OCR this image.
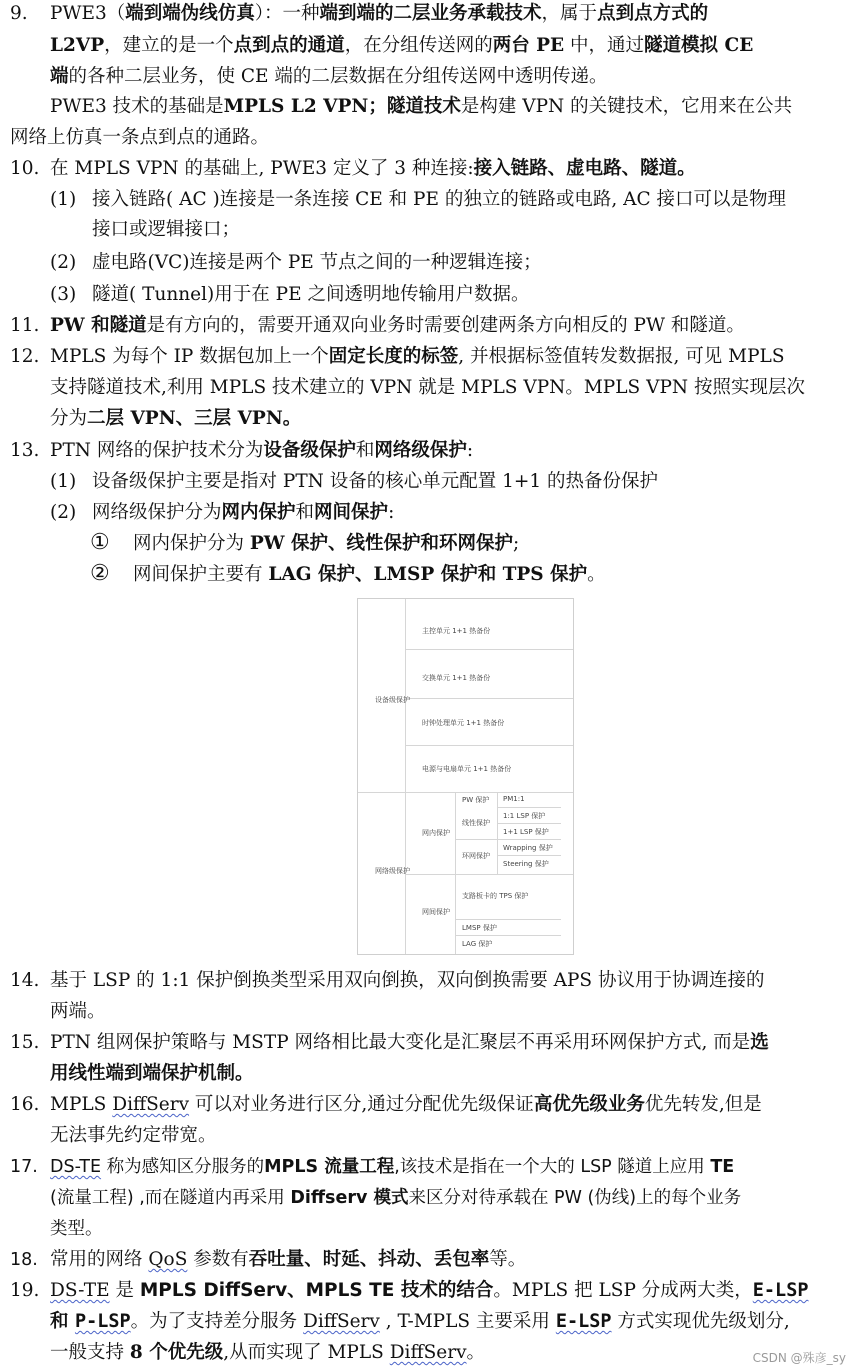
9. PWE3（端到端伪线仿真）：一种端到端的二层业务承载技术，属于点到点方式的
L2VP，建立的是一个点到点的通道，在分组传送网的两台 PE 中，通过隧道模拟 CE
端的各种二层业务，使 CE 端的二层数据在分组传送网中透明传递。
PWE3 技术的基础是MPLS L2 VPN；隧道技术是构建 VPN 的关键技术，它用来在公共
网络上仿真一条点到点的通路。
10. 在 MPLS VPN 的基础上, PWE3 定义了 3 种连接:接入链路、虚电路、隧道。
(1) 接入链路( AC )连接是一条连接 CE 和 PE 的独立的链路或电路, AC 接口可以是物理
接口或逻辑接口；
(2) 虚电路(VC)连接是两个 PE 节点之间的一种逻辑连接；
(3) 隧道( Tunnel)用于在 PE 之间透明地传输用户数据。
11. PW 和隧道是有方向的，需要开通双向业务时需要创建两条方向相反的 PW 和隧道。
12. MPLS 为每个 IP 数据包加上一个固定长度的标签, 并根据标签值转发数据报, 可见 MPLS
支持隧道技术,利用 MPLS 技术建立的 VPN 就是 MPLS VPN。MPLS VPN 按照实现层次
分为二层 VPN、三层 VPN。
13. PTN 网络的保护技术分为设备级保护和网络级保护:
(1) 设备级保护主要是指对 PTN 设备的核心单元配置 1+1 的热备份保护
(2) 网络级保护分为网内保护和网间保护:
① 网内保护分为 PW 保护、线性保护和环网保护;
② 网间保护主要有 LAG 保护、LMSP 保护和 TPS 保护。
设备级保护
主控单元 1+1 热备份
交换单元 1+1 热备份
时钟处理单元 1+1 热备份
电源与电扇单元 1+1 热备份
网络级保护
网内保护
网间保护
PW 保护 PM1:1
线性保护
1:1 LSP 保护
1+1 LSP 保护
环网保护
Wrapping 保护
Steering 保护
支路板卡的 TPS 保护
LMSP 保护
LAG 保护
14. 基于 LSP 的 1:1 保护倒换类型采用双向倒换，双向倒换需要 APS 协议用于协调连接的
两端。
15. PTN 组网保护策略与 MSTP 网络相比最大变化是汇聚层不再采用环网保护方式, 而是选
用线性端到端保护机制。
16. MPLS DiffServ 可以对业务进行区分,通过分配优先级保证高优先级业务优先转发,但是
无法事先约定带宽。
17. DS-TE 称为感知区分服务的MPLS 流量工程,该技术是指在一个大的 LSP 隧道上应用 TE
(流量工程) ,而在隧道内再采用 Diffserv 模式来区分对待承载在 PW (伪线)上的每个业务
类型。
18. 常用的网络 QoS 参数有吞吐量、时延、抖动、丢包率等。
19. DS-TE 是 MPLS DiffServ、MPLS TE 技术的结合。MPLS 把 LSP 分成两大类，E-LSP
和 P-LSP。为了支持差分服务 DiffServ , T-MPLS 主要采用 E-LSP 方式实现优先级划分,
一般支持 8 个优先级,从而实现了 MPLS DiffServ。	CSDN @殊彦_sy
